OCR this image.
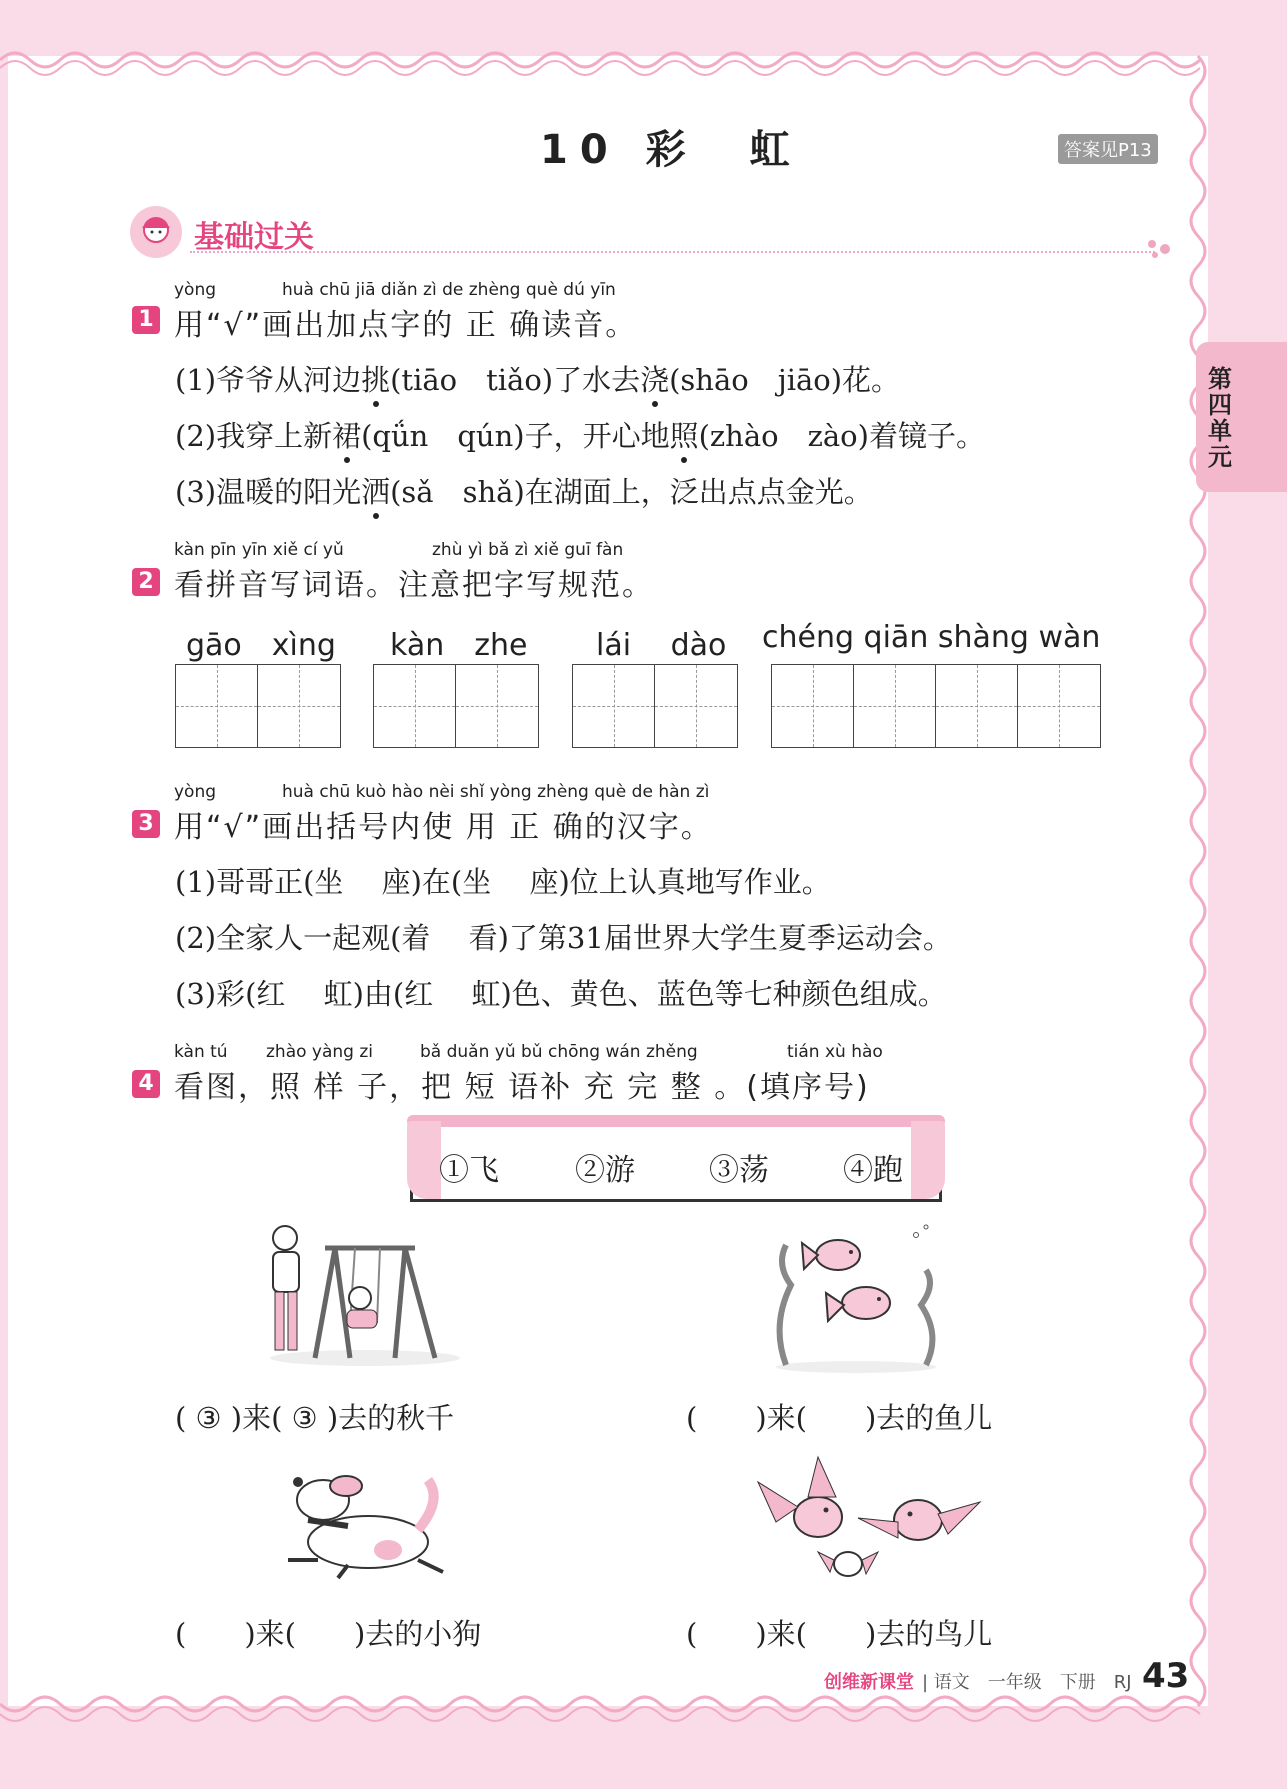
10 彩　虹	答案见P13
第四单元
基础过关
yòng	huà chū jiā diǎn zì de zhèng què dú yīn
1 用“√”画出加点字的 正 确读音。
(1)爷爷从河边挑(tiāo　tiǎo)了水去浇(shāo　jiāo)花。
(2)我穿上新裙(qǘn　qún)子，开心地照(zhào　zào)着镜子。
(3)温暖的阳光洒(sǎ　shǎ)在湖面上，泛出点点金光。
kàn pīn yīn xiě cí yǔ	zhù yì bǎ zì xiě guī fàn
2 看拼音写词语。注意把字写规范。
gāo　xìng kàn　zhe lái　 dào chéng qiān shàng wàn
yòng	huà chū kuò hào nèi shǐ yòng zhèng què de hàn zì
3 用“√”画出括号内使 用 正 确的汉字。
(1)哥哥正(坐　 座)在(坐　 座)位上认真地写作业。
(2)全家人一起观(着　 看)了第31届世界大学生夏季运动会。
(3)彩(红　 虹)由(红　 虹)色、黄色、蓝色等七种颜色组成。
kàn tú zhào yàng zi	bǎ duǎn yǔ bǔ chōng wán zhěng	tián xù hào
4 看图，照 样 子，把 短 语补 充 完 整 。(填序号)
①飞	②游 ③荡 ④跑
( ③ )来( ③ )去的秋千	(　　)来(　　)去的鱼儿
(　　)来(　　)去的小狗	(　　)来(　　)去的鸟儿
创维新课堂 | 语文　一年级　下册　RJ 43
